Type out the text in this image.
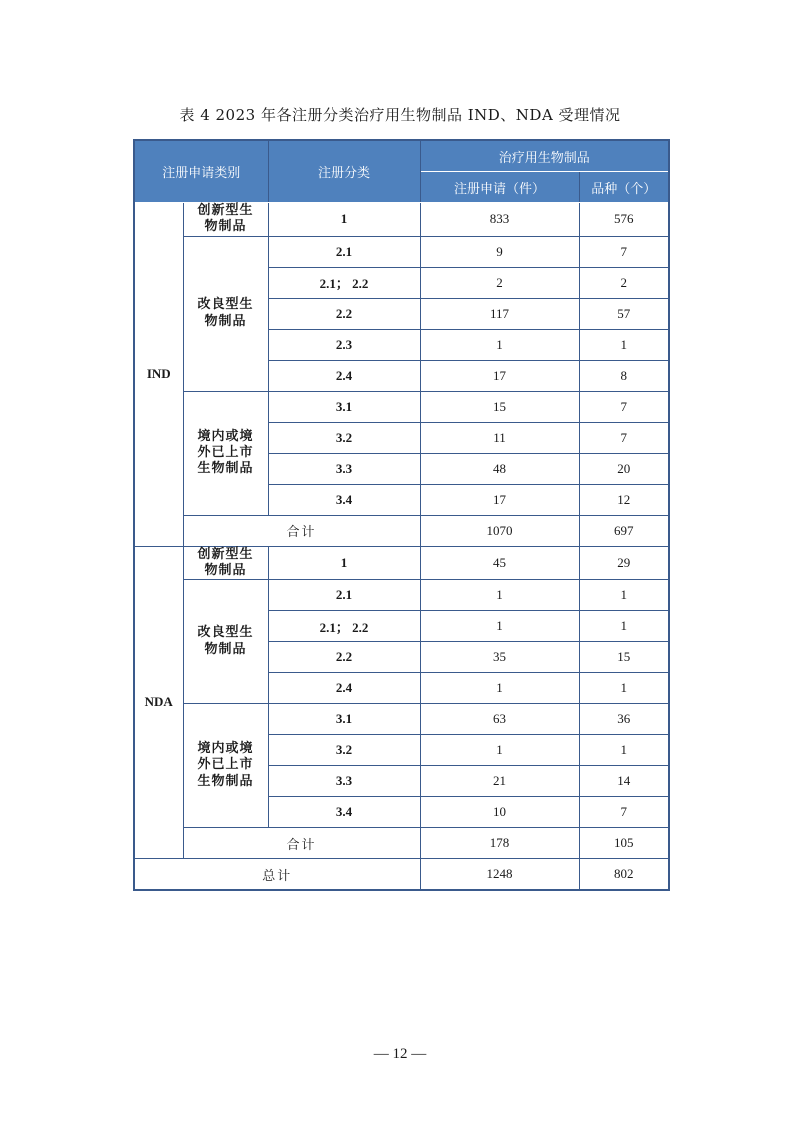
表 4 2023 年各注册分类治疗用生物制品 IND、NDA 受理情况
注册申请类别		注册分类	治疗用生物制品	
			注册申请（件）	品种（个）
IND	创新型生
物制品	1	833	576
	改良型生
物制品	2.1	9	7
		2.1； 2.2	2	2
		2.2	117	57
		2.3	1	1
		2.4	17	8
	境内或境
外已上市
生物制品	3.1	15	7
		3.2	11	7
		3.3	48	20
		3.4	17	12
	合计		1070	697
NDA	创新型生
物制品	1	45	29
	改良型生
物制品	2.1	1	1
		2.1； 2.2	1	1
		2.2	35	15
		2.4	1	1
	境内或境
外已上市
生物制品	3.1	63	36
		3.2	1	1
		3.3	21	14
		3.4	10	7
	合计		178	105
总计			1248	802
— 12 —
